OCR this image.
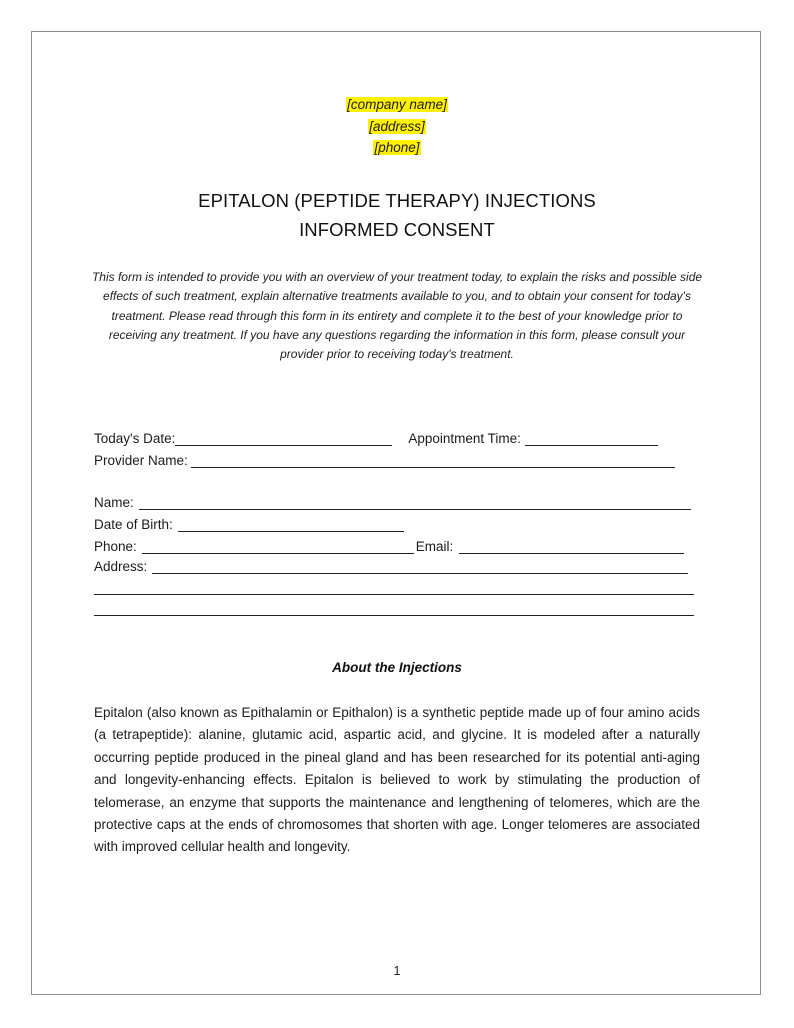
[company name]
[address]
[phone]
EPITALON (PEPTIDE THERAPY) INJECTIONS
INFORMED CONSENT
This form is intended to provide you with an overview of your treatment today, to explain the risks and possible side effects of such treatment, explain alternative treatments available to you, and to obtain your consent for today's treatment. Please read through this form in its entirety and complete it to the best of your knowledge prior to receiving any treatment. If you have any questions regarding the information in this form, please consult your provider prior to receiving today's treatment.
Today's Date:	Appointment Time:
Provider Name:
Name:
Date of Birth:
Phone:	Email:
Address:
About the Injections
Epitalon (also known as Epithalamin or Epithalon) is a synthetic peptide made up of four amino acids (a tetrapeptide): alanine, glutamic acid, aspartic acid, and glycine. It is modeled after a naturally occurring peptide produced in the pineal gland and has been researched for its potential anti-aging and longevity-enhancing effects. Epitalon is believed to work by stimulating the production of telomerase, an enzyme that supports the maintenance and lengthening of telomeres, which are the protective caps at the ends of chromosomes that shorten with age. Longer telomeres are associated with improved cellular health and longevity.
1
